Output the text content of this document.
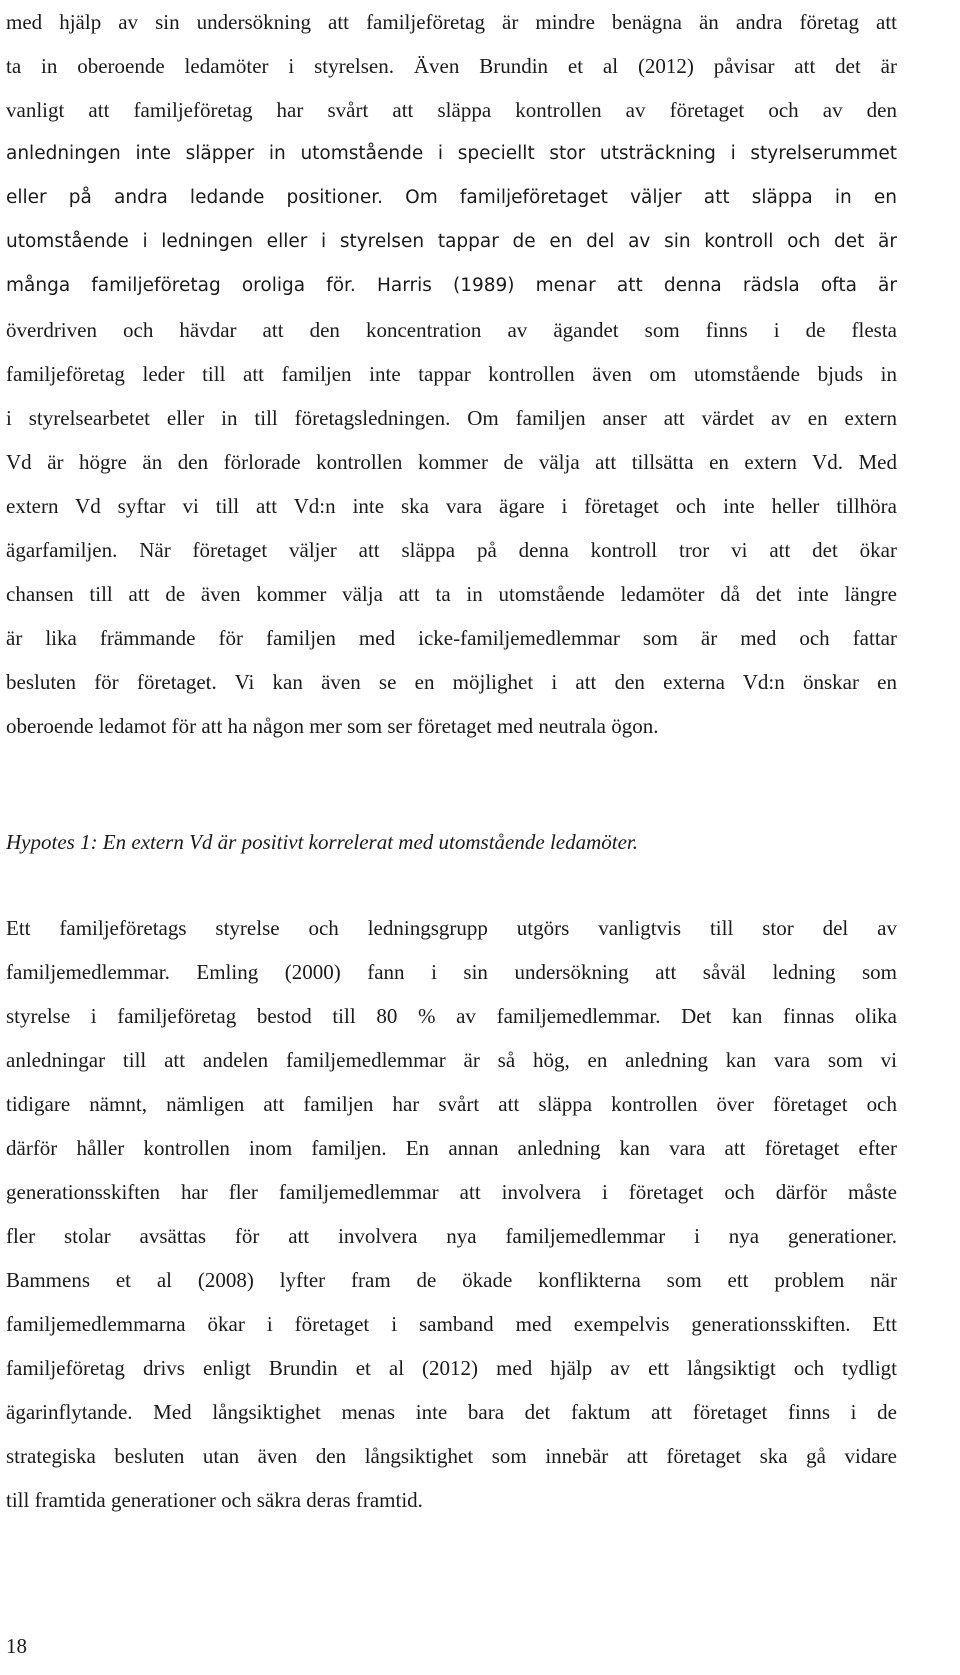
med hjälp av sin undersökning att familjeföretag är mindre benägna än andra företag att
ta in oberoende ledamöter i styrelsen. Även Brundin et al (2012) påvisar att det är
vanligt att familjeföretag har svårt att släppa kontrollen av företaget och av den
anledningen inte släpper in utomstående i speciellt stor utsträckning i styrelserummet
eller på andra ledande positioner. Om familjeföretaget väljer att släppa in en
utomstående i ledningen eller i styrelsen tappar de en del av sin kontroll och det är
många familjeföretag oroliga för. Harris (1989) menar att denna rädsla ofta är
överdriven och hävdar att den koncentration av ägandet som finns i de flesta
familjeföretag leder till att familjen inte tappar kontrollen även om utomstående bjuds in
i styrelsearbetet eller in till företagsledningen. Om familjen anser att värdet av en extern
Vd är högre än den förlorade kontrollen kommer de välja att tillsätta en extern Vd. Med
extern Vd syftar vi till att Vd:n inte ska vara ägare i företaget och inte heller tillhöra
ägarfamiljen. När företaget väljer att släppa på denna kontroll tror vi att det ökar
chansen till att de även kommer välja att ta in utomstående ledamöter då det inte längre
är lika främmande för familjen med icke-familjemedlemmar som är med och fattar
besluten för företaget. Vi kan även se en möjlighet i att den externa Vd:n önskar en
oberoende ledamot för att ha någon mer som ser företaget med neutrala ögon.
Hypotes 1: En extern Vd är positivt korrelerat med utomstående ledamöter.
Ett familjeföretags styrelse och ledningsgrupp utgörs vanligtvis till stor del av
familjemedlemmar. Emling (2000) fann i sin undersökning att såväl ledning som
styrelse i familjeföretag bestod till 80 % av familjemedlemmar. Det kan finnas olika
anledningar till att andelen familjemedlemmar är så hög, en anledning kan vara som vi
tidigare nämnt, nämligen att familjen har svårt att släppa kontrollen över företaget och
därför håller kontrollen inom familjen. En annan anledning kan vara att företaget efter
generationsskiften har fler familjemedlemmar att involvera i företaget och därför måste
fler stolar avsättas för att involvera nya familjemedlemmar i nya generationer.
Bammens et al (2008) lyfter fram de ökade konflikterna som ett problem när
familjemedlemmarna ökar i företaget i samband med exempelvis generationsskiften. Ett
familjeföretag drivs enligt Brundin et al (2012) med hjälp av ett långsiktigt och tydligt
ägarinflytande. Med långsiktighet menas inte bara det faktum att företaget finns i de
strategiska besluten utan även den långsiktighet som innebär att företaget ska gå vidare
till framtida generationer och säkra deras framtid.

18
